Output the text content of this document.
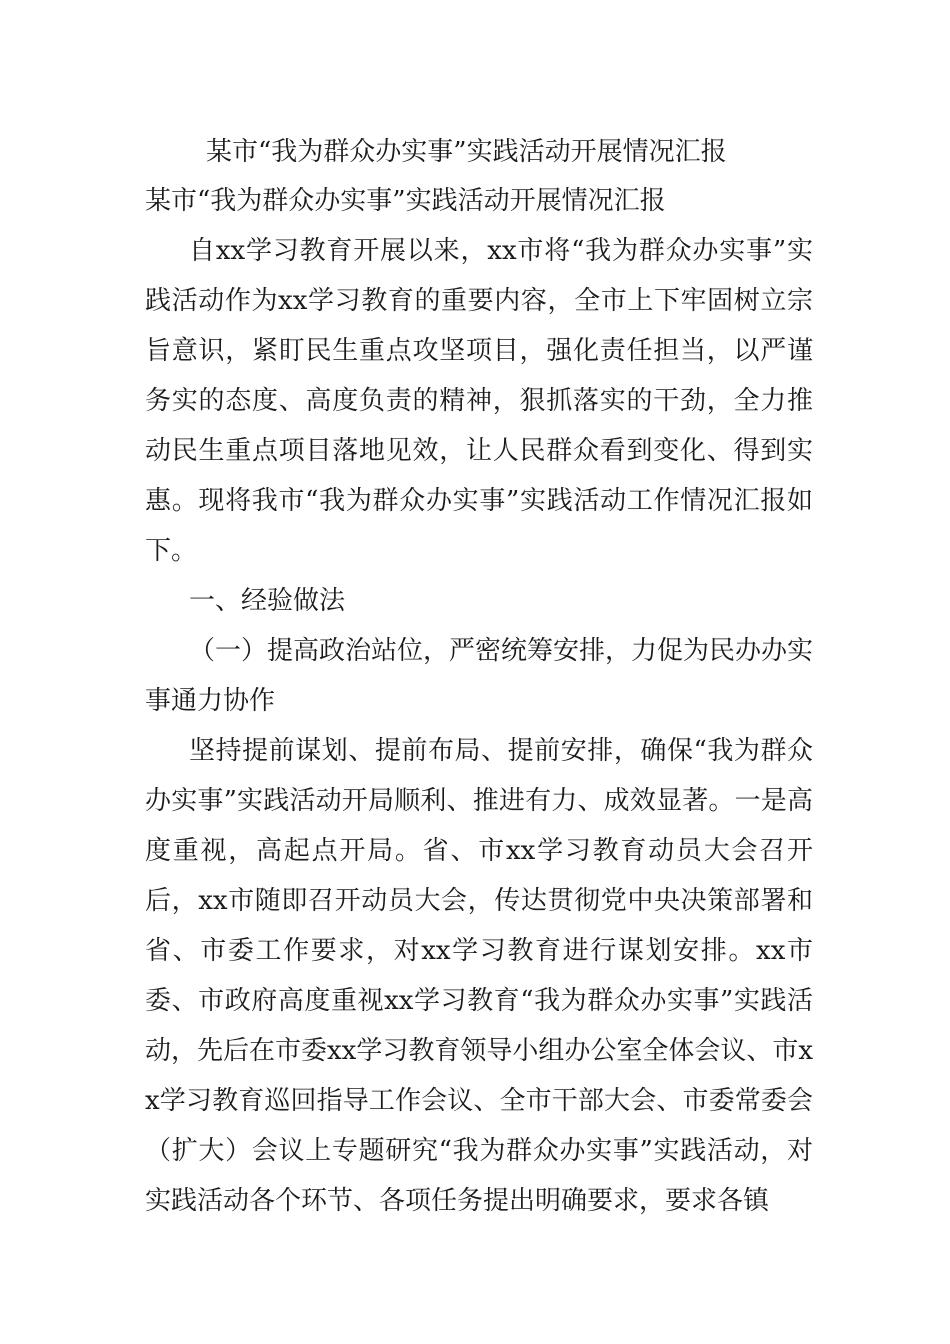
某市“我为群众办实事”实践活动开展情况汇报

某市“我为群众办实事”实践活动开展情况汇报

自xx学习教育开展以来，xx市将“我为群众办实事”实践活动作为xx学习教育的重要内容，全市上下牢固树立宗旨意识，紧盯民生重点攻坚项目，强化责任担当，以严谨务实的态度、高度负责的精神，狠抓落实的干劲，全力推动民生重点项目落地见效，让人民群众看到变化、得到实惠。现将我市“我为群众办实事”实践活动工作情况汇报如下。

一、经验做法

（一）提高政治站位，严密统筹安排，力促为民办办实事通力协作

坚持提前谋划、提前布局、提前安排，确保“我为群众办实事”实践活动开局顺利、推进有力、成效显著。一是高度重视，高起点开局。省、市xx学习教育动员大会召开后，xx市随即召开动员大会，传达贯彻党中央决策部署和省、市委工作要求，对xx学习教育进行谋划安排。xx市委、市政府高度重视xx学习教育“我为群众办实事”实践活动，先后在市委xx学习教育领导小组办公室全体会议、市xx学习教育巡回指导工作会议、全市干部大会、市委常委会（扩大）会议上专题研究“我为群众办实事”实践活动，对实践活动各个环节、各项任务提出明确要求，要求各镇
